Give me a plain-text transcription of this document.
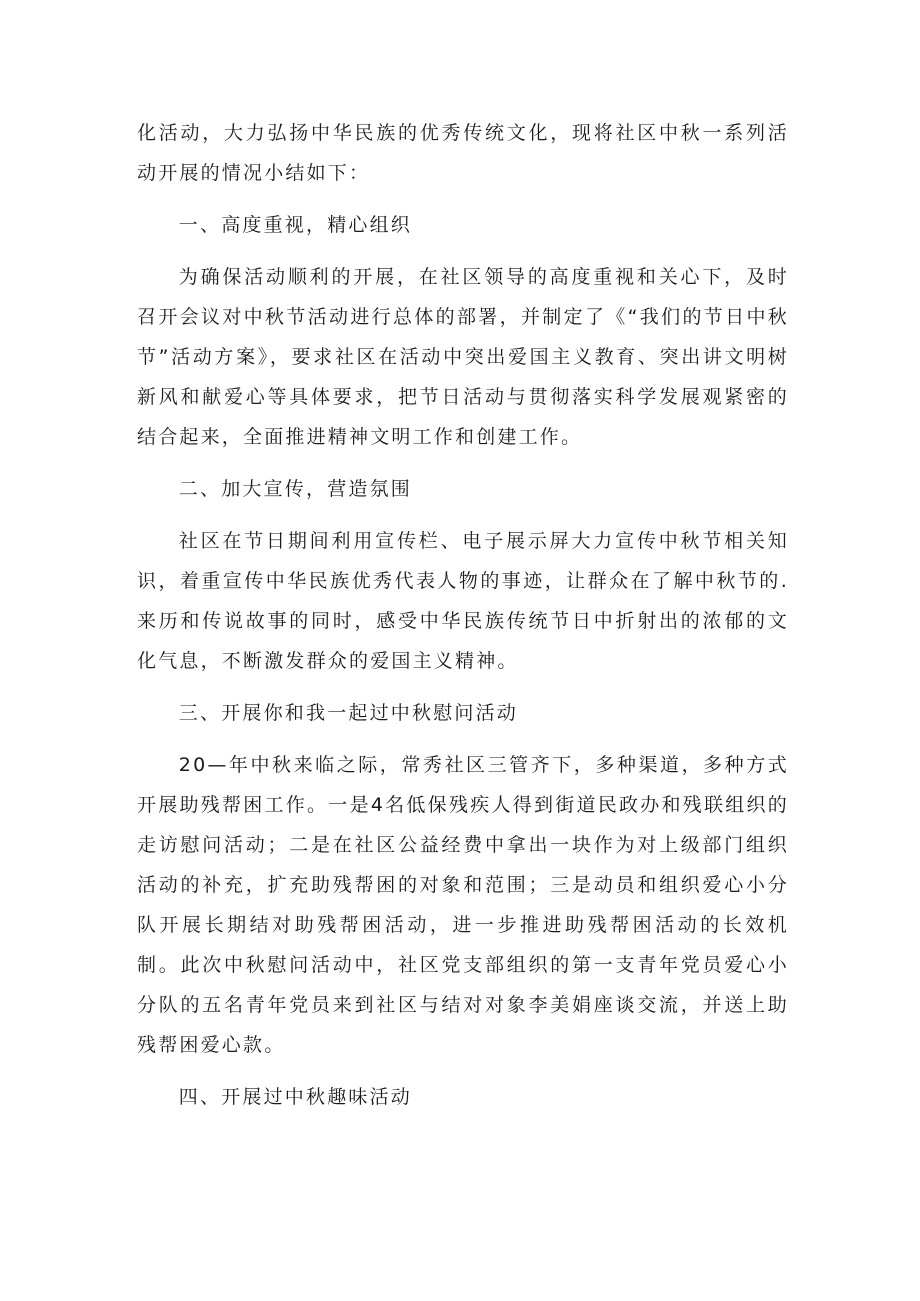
化活动，大力弘扬中华民族的优秀传统文化，现将社区中秋一系列活动开展的情况小结如下：

一、高度重视，精心组织

为确保活动顺利的开展，在社区领导的高度重视和关心下，及时召开会议对中秋节活动进行总体的部署，并制定了《“我们的节日中秋节”活动方案》，要求社区在活动中突出爱国主义教育、突出讲文明树新风和献爱心等具体要求，把节日活动与贯彻落实科学发展观紧密的结合起来，全面推进精神文明工作和创建工作。

二、加大宣传，营造氛围

社区在节日期间利用宣传栏、电子展示屏大力宣传中秋节相关知识，着重宣传中华民族优秀代表人物的事迹，让群众在了解中秋节的.来历和传说故事的同时，感受中华民族传统节日中折射出的浓郁的文化气息，不断激发群众的爱国主义精神。

三、开展你和我一起过中秋慰问活动

20—年中秋来临之际，常秀社区三管齐下，多种渠道，多种方式开展助残帮困工作。一是4名低保残疾人得到街道民政办和残联组织的走访慰问活动；二是在社区公益经费中拿出一块作为对上级部门组织活动的补充，扩充助残帮困的对象和范围；三是动员和组织爱心小分队开展长期结对助残帮困活动，进一步推进助残帮困活动的长效机制。此次中秋慰问活动中，社区党支部组织的第一支青年党员爱心小分队的五名青年党员来到社区与结对对象李美娟座谈交流，并送上助残帮困爱心款。

四、开展过中秋趣味活动
